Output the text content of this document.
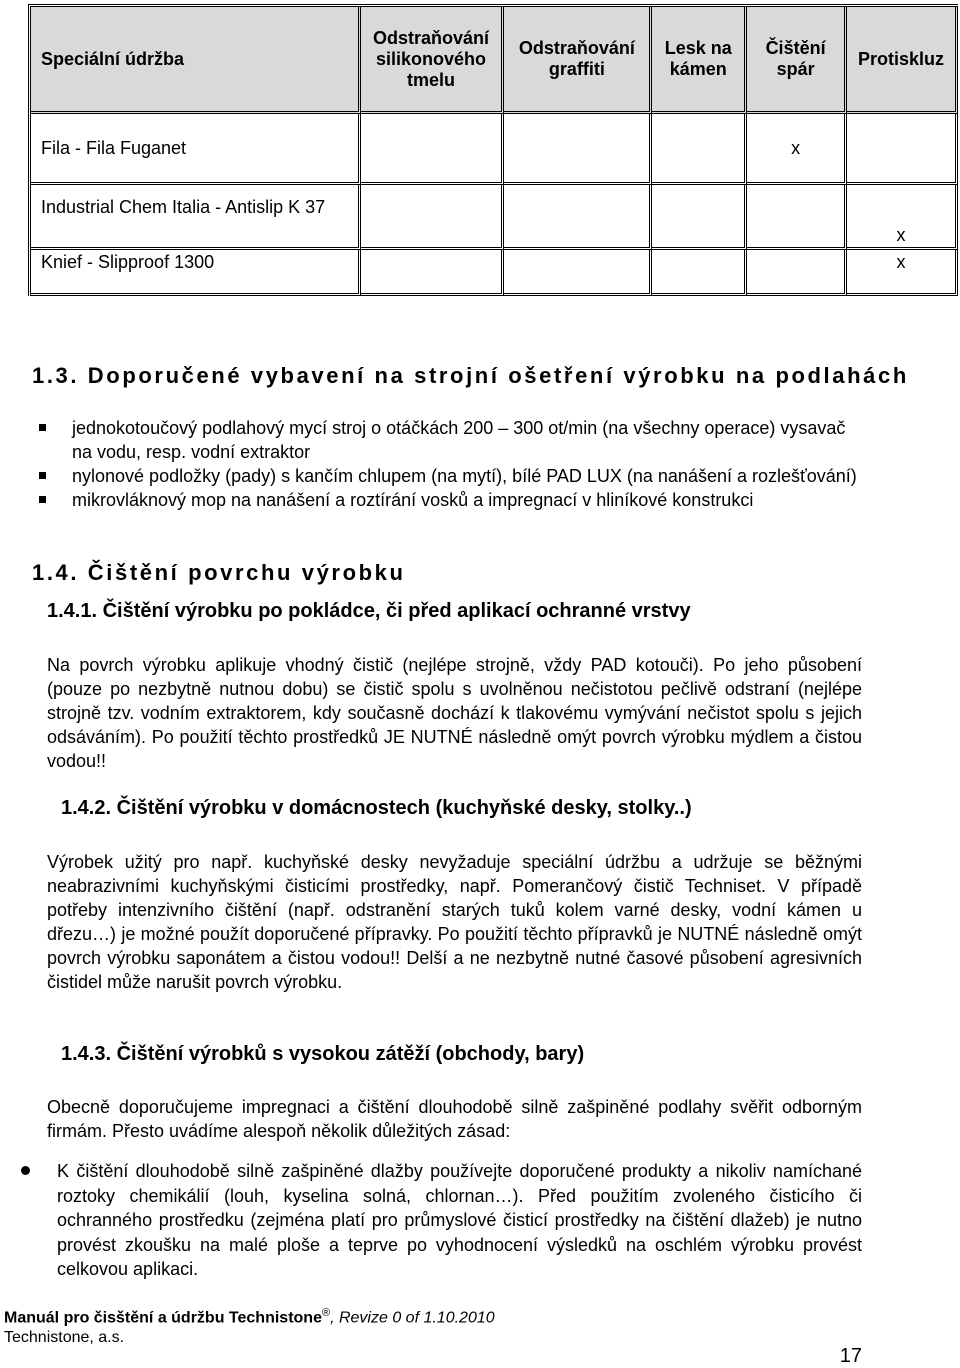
Speciální údržba	Odstraňování silikonového tmelu	Odstraňování graffiti	Lesk na kámen	Čištění spár	Protiskluz
Fila - Fila Fuganet				x	
Industrial Chem Italia - Antislip K 37					x
Knief - Slipproof 1300					x
1.3. Doporučené vybavení na strojní ošetření výrobku na podlahách
jednokotoučový podlahový mycí stroj o otáčkách 200 – 300 ot/min (na všechny operace) vysavač na vodu, resp. vodní extraktor
nylonové podložky (pady) s kančím chlupem (na mytí), bílé PAD LUX (na nanášení a rozlešťování)
mikrovláknový mop na nanášení a roztírání vosků a impregnací v hliníkové konstrukci
1.4. Čištění povrchu výrobku
1.4.1. Čištění výrobku po pokládce, či před aplikací ochranné vrstvy
Na povrch výrobku aplikuje vhodný čistič (nejlépe strojně, vždy PAD kotouči). Po jeho působení (pouze po nezbytně nutnou dobu) se čistič spolu s uvolněnou nečistotou pečlivě odstraní (nejlépe strojně tzv. vodním extraktorem, kdy současně dochází k tlakovému vymývání nečistot spolu s jejich odsáváním). Po použití těchto prostředků JE NUTNÉ následně omýt povrch výrobku mýdlem a čistou vodou!!
1.4.2. Čištění výrobku v domácnostech (kuchyňské desky, stolky..)
Výrobek užitý pro např. kuchyňské desky nevyžaduje speciální údržbu a udržuje se běžnými neabrazivními kuchyňskými čisticími prostředky, např. Pomerančový čistič Techniset. V případě potřeby intenzivního čištění (např. odstranění starých tuků kolem varné desky, vodní kámen u dřezu…) je možné použít doporučené přípravky. Po použití těchto přípravků je NUTNÉ následně omýt povrch výrobku saponátem a čistou vodou!! Delší a ne nezbytně nutné časové působení agresivních čistidel může narušit povrch výrobku.
1.4.3. Čištění výrobků s vysokou zátěží (obchody, bary)
Obecně doporučujeme impregnaci a čištění dlouhodobě silně zašpiněné podlahy svěřit odborným firmám. Přesto uvádíme alespoň několik důležitých zásad:
K čištění dlouhodobě silně zašpiněné dlažby používejte doporučené produkty a nikoliv namíchané roztoky chemikálií (louh, kyselina solná, chlornan…). Před použitím zvoleného čisticího či ochranného prostředku (zejména platí pro průmyslové čisticí prostředky na čištění dlažeb) je nutno provést zkoušku na malé ploše a teprve po vyhodnocení výsledků na oschlém výrobku provést celkovou aplikaci.
Manuál pro čisštění a údržbu Technistone®, Revize 0 of 1.10.2010
Technistone, a.s.
17
